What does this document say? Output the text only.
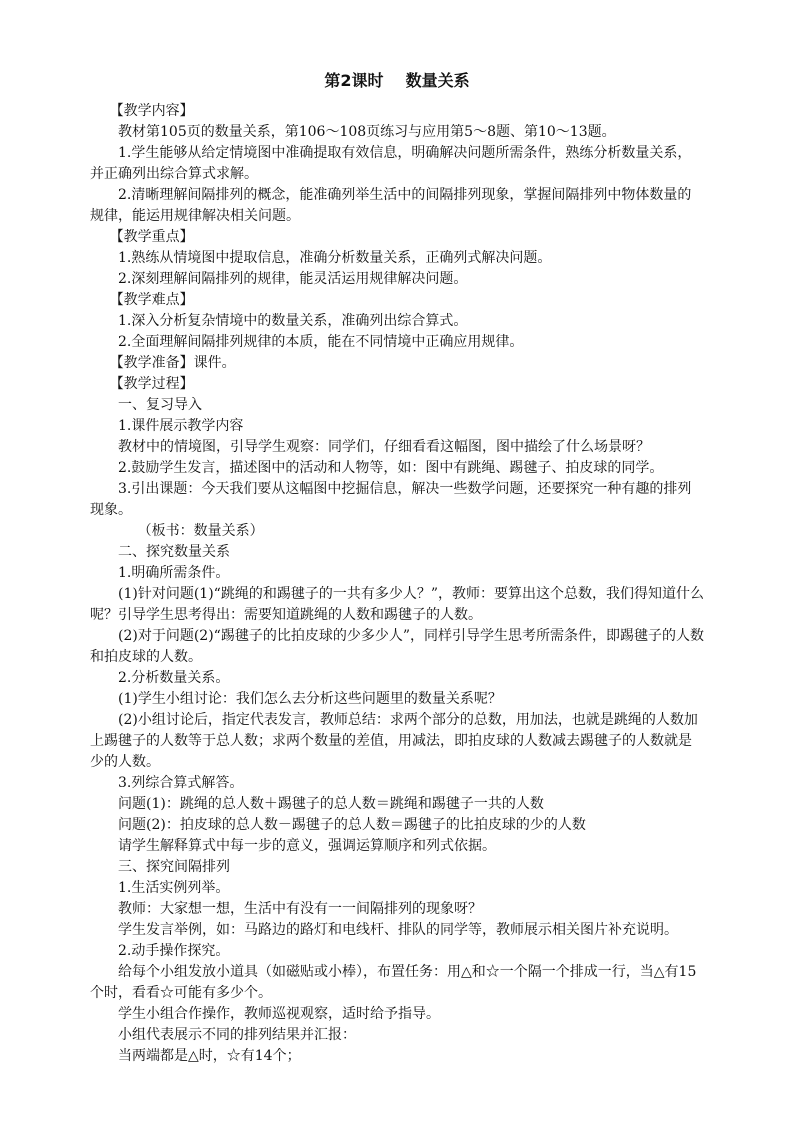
第2课时 数量关系

【教学内容】

教材第105页的数量关系，第106～108页练习与应用第5～8题、第10～13题。

1.学生能够从给定情境图中准确提取有效信息，明确解决问题所需条件，熟练分析数量关系，并正确列出综合算式求解。

2.清晰理解间隔排列的概念，能准确列举生活中的间隔排列现象，掌握间隔排列中物体数量的规律，能运用规律解决相关问题。

【教学重点】

1.熟练从情境图中提取信息，准确分析数量关系，正确列式解决问题。

2.深刻理解间隔排列的规律，能灵活运用规律解决问题。

【教学难点】

1.深入分析复杂情境中的数量关系，准确列出综合算式。

2.全面理解间隔排列规律的本质，能在不同情境中正确应用规律。

【教学准备】课件。

【教学过程】

一、复习导入

1.课件展示教学内容

教材中的情境图，引导学生观察：同学们，仔细看看这幅图，图中描绘了什么场景呀？

2.鼓励学生发言，描述图中的活动和人物等，如：图中有跳绳、踢毽子、拍皮球的同学。

3.引出课题：今天我们要从这幅图中挖掘信息，解决一些数学问题，还要探究一种有趣的排列现象。

（板书：数量关系）

二、探究数量关系

1.明确所需条件。

(1)针对问题(1)“跳绳的和踢毽子的一共有多少人？”，教师：要算出这个总数，我们得知道什么呢？引导学生思考得出：需要知道跳绳的人数和踢毽子的人数。

(2)对于问题(2)“踢毽子的比拍皮球的少多少人”，同样引导学生思考所需条件，即踢毽子的人数和拍皮球的人数。

2.分析数量关系。

(1)学生小组讨论：我们怎么去分析这些问题里的数量关系呢？

(2)小组讨论后，指定代表发言，教师总结：求两个部分的总数，用加法，也就是跳绳的人数加上踢毽子的人数等于总人数；求两个数量的差值，用减法，即拍皮球的人数减去踢毽子的人数就是少的人数。

3.列综合算式解答。

问题(1)：跳绳的总人数＋踢毽子的总人数＝跳绳和踢毽子一共的人数

问题(2)：拍皮球的总人数－踢毽子的总人数＝踢毽子的比拍皮球的少的人数

请学生解释算式中每一步的意义，强调运算顺序和列式依据。

三、探究间隔排列

1.生活实例列举。

教师：大家想一想，生活中有没有一一间隔排列的现象呀？

学生发言举例，如：马路边的路灯和电线杆、排队的同学等，教师展示相关图片补充说明。

2.动手操作探究。

给每个小组发放小道具（如磁贴或小棒），布置任务：用△和☆一个隔一个排成一行，当△有15个时，看看☆可能有多少个。

学生小组合作操作，教师巡视观察，适时给予指导。

小组代表展示不同的排列结果并汇报：

当两端都是△时，☆有14个；
